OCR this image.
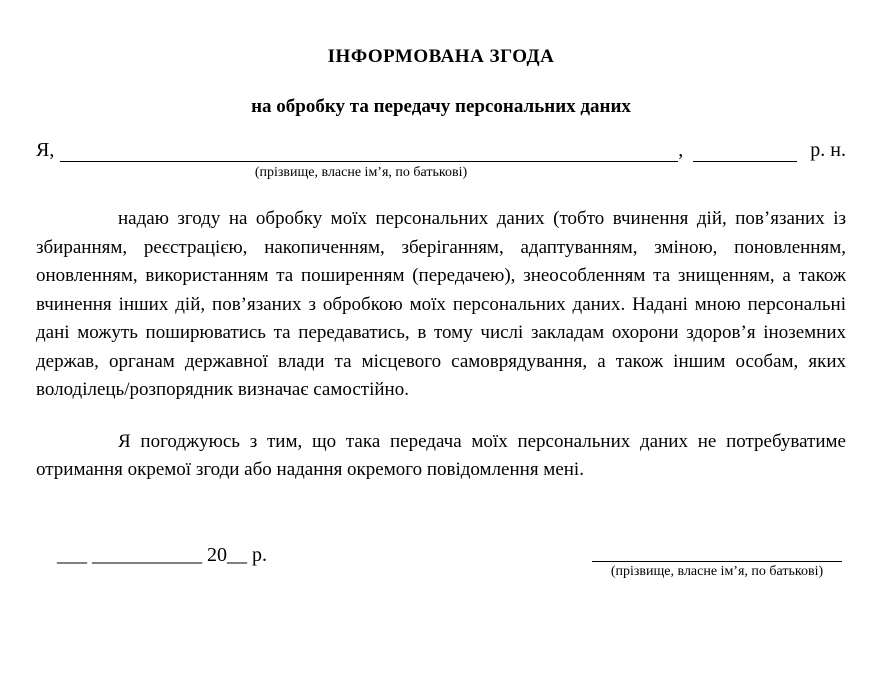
ІНФОРМОВАНА ЗГОДА
на обробку та передачу персональних даних
Я,	,	р. н.
(прізвище, власне ім’я, по батькові)

надаю згоду на обробку моїх персональних даних (тобто вчинення дій, пов’язаних із збиранням, реєстрацією, накопиченням, зберіганням, адаптуванням, зміною, поновленням, оновленням, використанням та поширенням (передачею), знеособленням та знищенням, а також вчинення інших дій, пов’язаних з обробкою моїх персональних даних. Надані мною персональні дані можуть поширюватись та передаватись, в тому числі закладам охорони здоров’я іноземних держав, органам державної влади та місцевого самоврядування, а також іншим особам, яких володілець/розпорядник визначає самостійно.

Я погоджуюсь з тим, що така передача моїх персональних даних не потребуватиме отримання окремої згоди або надання окремого повідомлення мені.

___ ___________ 20__ р.
(прізвище, власне ім’я, по батькові)
